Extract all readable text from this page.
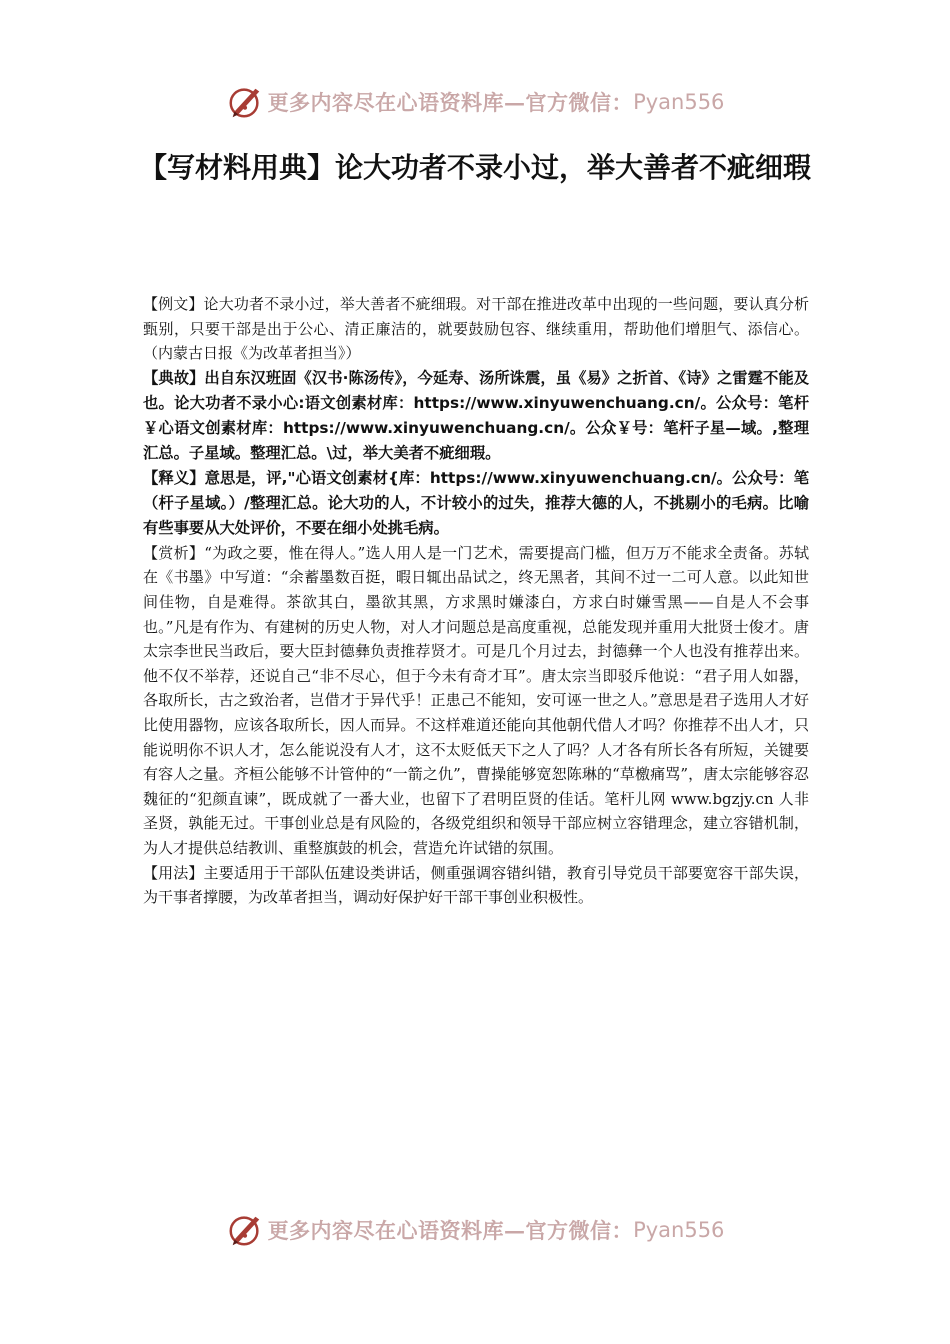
更多内容尽在心语资料库—官方微信： Pyan556
【写材料用典】论大功者不录小过，举大善者不疵细瑕

【例文】论大功者不录小过，举大善者不疵细瑕。对干部在推进改革中出现的一些问题，要认真分析甄别，只要干部是出于公心、清正廉洁的，就要鼓励包容、继续重用，帮助他们增胆气、添信心。（内蒙古日报《为改革者担当》）

【典故】出自东汉班固《汉书·陈汤传》，今延寿、汤所诛震，虽《易》之折首、《诗》之雷霆不能及也。论大功者不录小心:语文创素材库：https://www.xinyuwenchuang.cn/。公众号：笔杆￥心语文创素材库：https://www.xinyuwenchuang.cn/。公众￥号：笔杆子星—域。,整理汇总。子星域。整理汇总。\过，举大美者不疵细瑕。

【释义】意思是，评,"心语文创素材{库：https://www.xinyuwenchuang.cn/。公众号：笔（杆子星域。）/整理汇总。论大功的人，不计较小的过失，推荐大德的人，不挑剔小的毛病。比喻有些事要从大处评价，不要在细小处挑毛病。

【赏析】“为政之要，惟在得人。”选人用人是一门艺术，需要提高门槛，但万万不能求全责备。苏轼在《书墨》中写道：“余蓄墨数百挺，暇日辄出品试之，终无黑者，其间不过一二可人意。以此知世间佳物，自是难得。茶欲其白，墨欲其黑，方求黑时嫌漆白，方求白时嫌雪黑——自是人不会事也。”凡是有作为、有建树的历史人物，对人才问题总是高度重视，总能发现并重用大批贤士俊才。唐太宗李世民当政后，要大臣封德彝负责推荐贤才。可是几个月过去，封德彝一个人也没有推荐出来。他不仅不举荐，还说自己“非不尽心，但于今未有奇才耳”。唐太宗当即驳斥他说：“君子用人如器，各取所长，古之致治者，岂借才于异代乎！正患己不能知，安可诬一世之人。”意思是君子选用人才好比使用器物，应该各取所长，因人而异。不这样难道还能向其他朝代借人才吗？你推荐不出人才，只能说明你不识人才，怎么能说没有人才，这不太贬低天下之人了吗？人才各有所长各有所短，关键要有容人之量。齐桓公能够不计管仲的“一箭之仇”，曹操能够宽恕陈琳的“草檄痛骂”，唐太宗能够容忍魏征的“犯颜直谏”，既成就了一番大业，也留下了君明臣贤的佳话。笔杆儿网 www.bgzjy.cn 人非圣贤，孰能无过。干事创业总是有风险的，各级党组织和领导干部应树立容错理念，建立容错机制，为人才提供总结教训、重整旗鼓的机会，营造允许试错的氛围。

【用法】主要适用于干部队伍建设类讲话，侧重强调容错纠错，教育引导党员干部要宽容干部失误，为干事者撑腰，为改革者担当，调动好保护好干部干事创业积极性。

更多内容尽在心语资料库—官方微信： Pyan556
